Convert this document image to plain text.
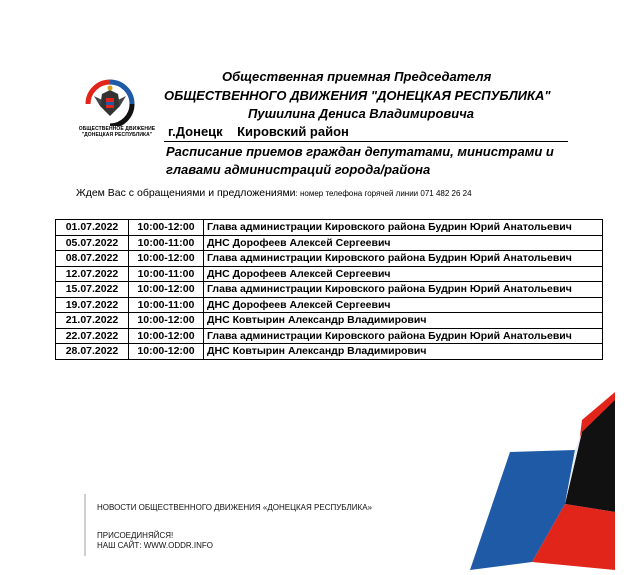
ОБЩЕСТВЕННОЕ ДВИЖЕНИЕ
"ДОНЕЦКАЯ РЕСПУБЛИКА"
Общественная приемная Председателя
ОБЩЕСТВЕННОГО ДВИЖЕНИЯ "ДОНЕЦКАЯ РЕСПУБЛИКА"
Пушилина Дениса Владимировича
г.Донецк    Кировский район
Расписание приемов граждан депутатами, министрами и
главами администраций города/района
Ждем Вас с обращениями и предложениями: номер телефона горячей линии 071 482 26 24
01.07.2022	10:00-12:00	Глава администрации Кировского района Будрин Юрий Анатольевич
05.07.2022	10:00-11:00	ДНС Дорофеев Алексей Сергеевич
08.07.2022	10:00-12:00	Глава администрации Кировского района Будрин Юрий Анатольевич
12.07.2022	10:00-11:00	ДНС Дорофеев Алексей Сергеевич
15.07.2022	10:00-12:00	Глава администрации Кировского района Будрин Юрий Анатольевич
19.07.2022	10:00-11:00	ДНС Дорофеев Алексей Сергеевич
21.07.2022	10:00-12:00	ДНС Ковтырин Александр Владимирович
22.07.2022	10:00-12:00	Глава администрации Кировского района Будрин Юрий Анатольевич
28.07.2022	10:00-12:00	ДНС Ковтырин Александр Владимирович
НОВОСТИ ОБЩЕСТВЕННОГО ДВИЖЕНИЯ «ДОНЕЦКАЯ РЕСПУБЛИКА»
ПРИСОЕДИНЯЙСЯ!
НАШ САЙТ: WWW.ODDR.INFO
